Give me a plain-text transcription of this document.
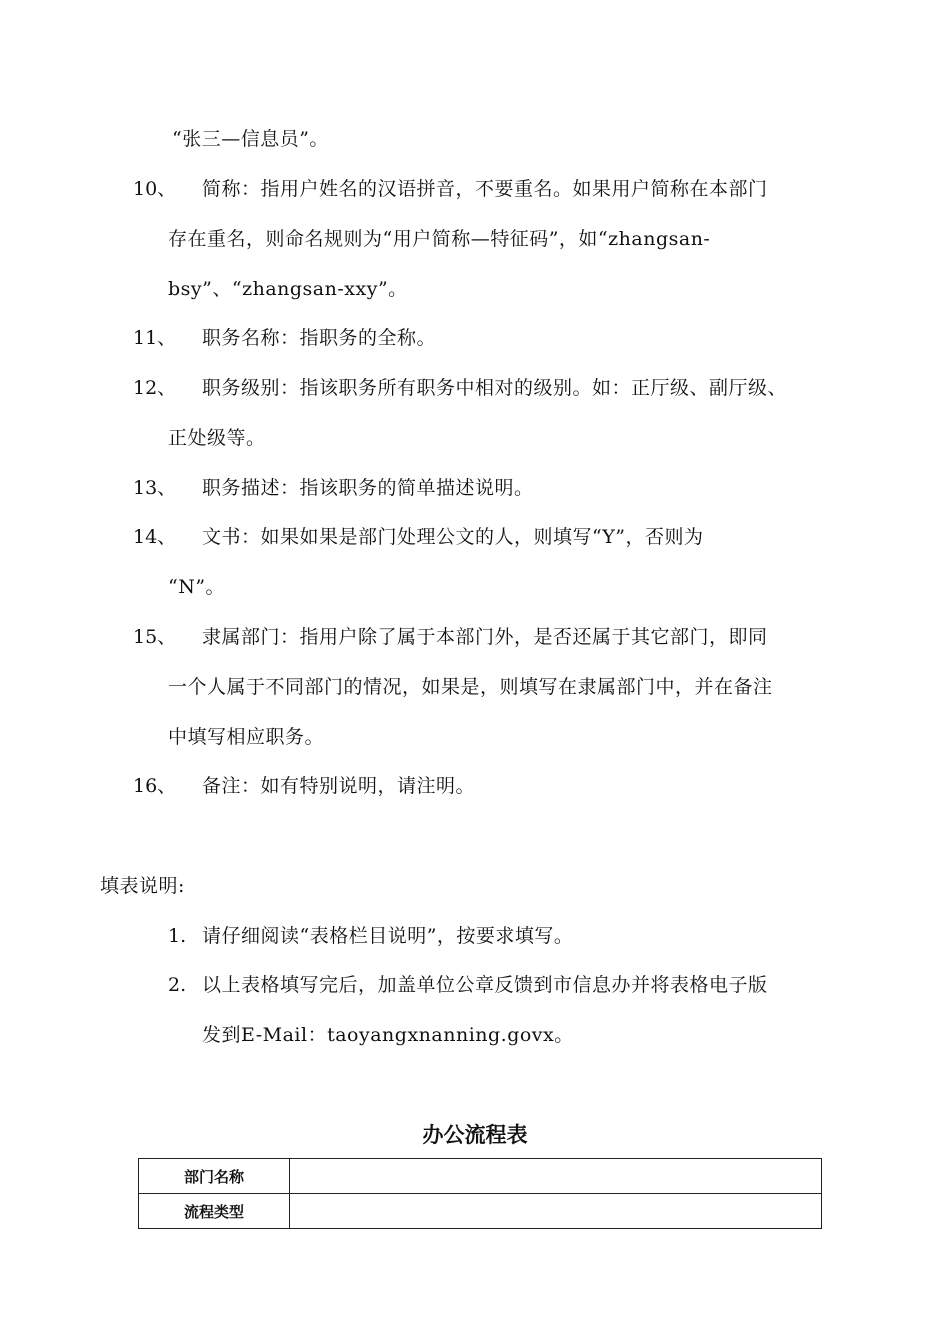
“张三—信息员”。
10、 简称：指用户姓名的汉语拼音，不要重名。如果用户简称在本部门
存在重名，则命名规则为“用户简称—特征码”，如“zhangsan-
bsy”、“zhangsan-xxy”。
11、 职务名称：指职务的全称。
12、 职务级别：指该职务所有职务中相对的级别。如：正厅级、副厅级、
正处级等。
13、 职务描述：指该职务的简单描述说明。
14、 文书：如果如果是部门处理公文的人，则填写“Y”，否则为
“N”。
15、 隶属部门：指用户除了属于本部门外，是否还属于其它部门，即同
一个人属于不同部门的情况，如果是，则填写在隶属部门中，并在备注
中填写相应职务。
16、 备注：如有特别说明，请注明。
填表说明:
1. 请仔细阅读“表格栏目说明”，按要求填写。
2. 以上表格填写完后，加盖单位公章反馈到市信息办并将表格电子版
发到E-Mail：taoyangxnanning.govx。
办公流程表
部门名称	
流程类型	
